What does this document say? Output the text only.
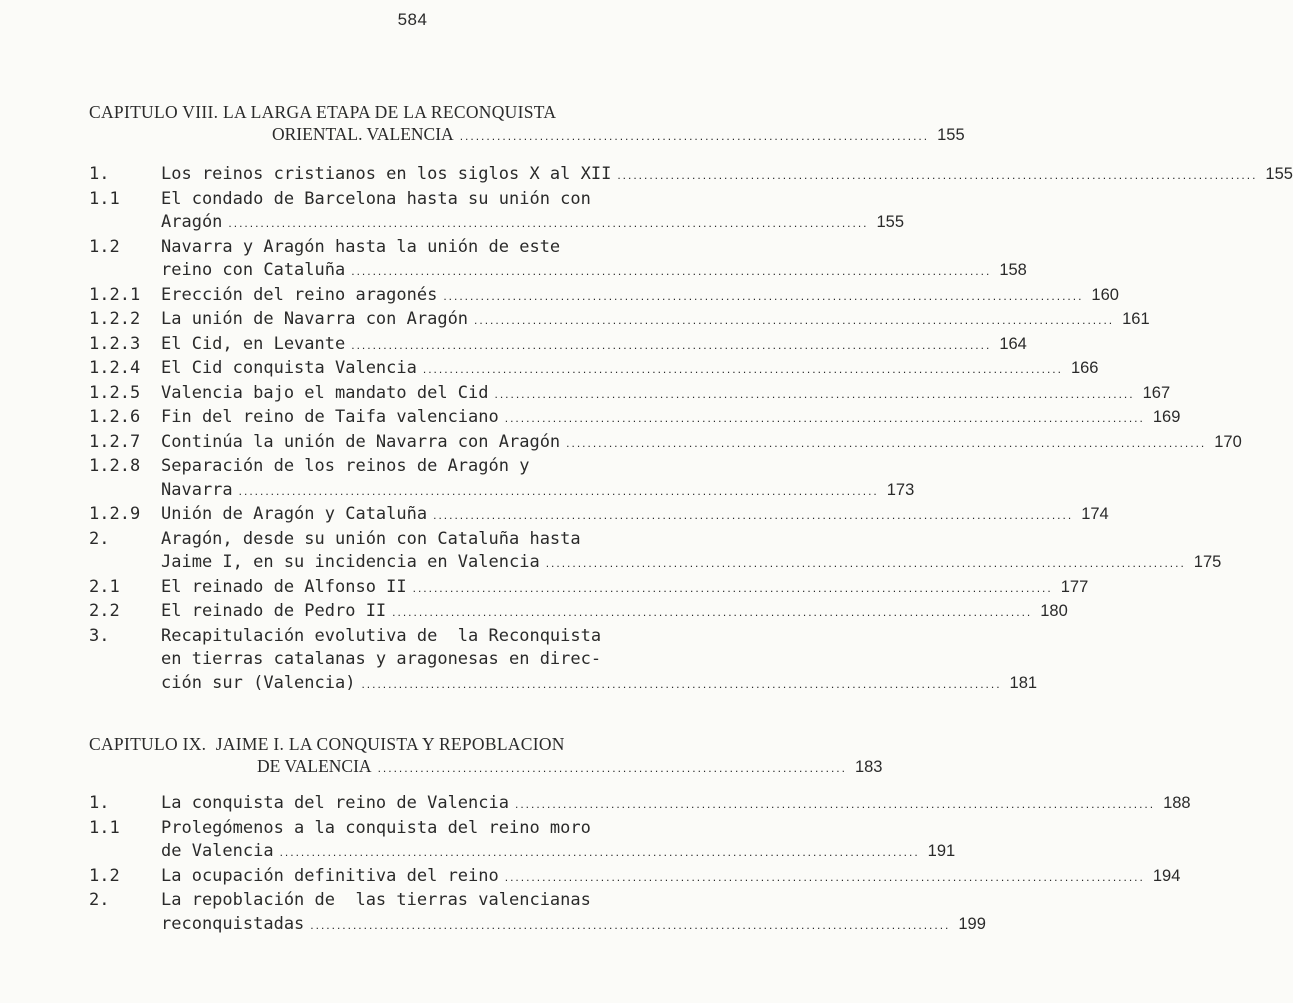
584
CAPITULO VIII. LA LARGA ETAPA DE LA RECONQUISTA
ORIENTAL. VALENCIA ........................................................................................ 155
1.	Los reinos cristianos en los siglos X al XII ........................................................................................................................ 155
1.1	El condado de Barcelona hasta su unión con
Aragón ........................................................................................................................ 155
1.2	Navarra y Aragón hasta la unión de este
reino con Cataluña ........................................................................................................................ 158
1.2.1	Erección del reino aragonés ........................................................................................................................ 160
1.2.2	La unión de Navarra con Aragón ........................................................................................................................ 161
1.2.3	El Cid, en Levante ........................................................................................................................ 164
1.2.4	El Cid conquista Valencia ........................................................................................................................ 166
1.2.5	Valencia bajo el mandato del Cid ........................................................................................................................ 167
1.2.6	Fin del reino de Taifa valenciano ........................................................................................................................ 169
1.2.7	Continúa la unión de Navarra con Aragón ........................................................................................................................ 170
1.2.8	Separación de los reinos de Aragón y
Navarra ........................................................................................................................ 173
1.2.9	Unión de Aragón y Cataluña ........................................................................................................................ 174
2.	Aragón, desde su unión con Cataluña hasta
Jaime I, en su incidencia en Valencia ........................................................................................................................ 175
2.1	El reinado de Alfonso II ........................................................................................................................ 177
2.2	El reinado de Pedro II ........................................................................................................................ 180
3.	Recapitulación evolutiva de  la Reconquista
en tierras catalanas y aragonesas en direc-
ción sur (Valencia) ........................................................................................................................ 181
CAPITULO IX.  JAIME I. LA CONQUISTA Y REPOBLACION
DE VALENCIA ........................................................................................ 183
1.	La conquista del reino de Valencia ........................................................................................................................ 188
1.1	Prolegómenos a la conquista del reino moro
de Valencia ........................................................................................................................ 191
1.2	La ocupación definitiva del reino ........................................................................................................................ 194
2.	La repoblación de  las tierras valencianas
reconquistadas ........................................................................................................................ 199
